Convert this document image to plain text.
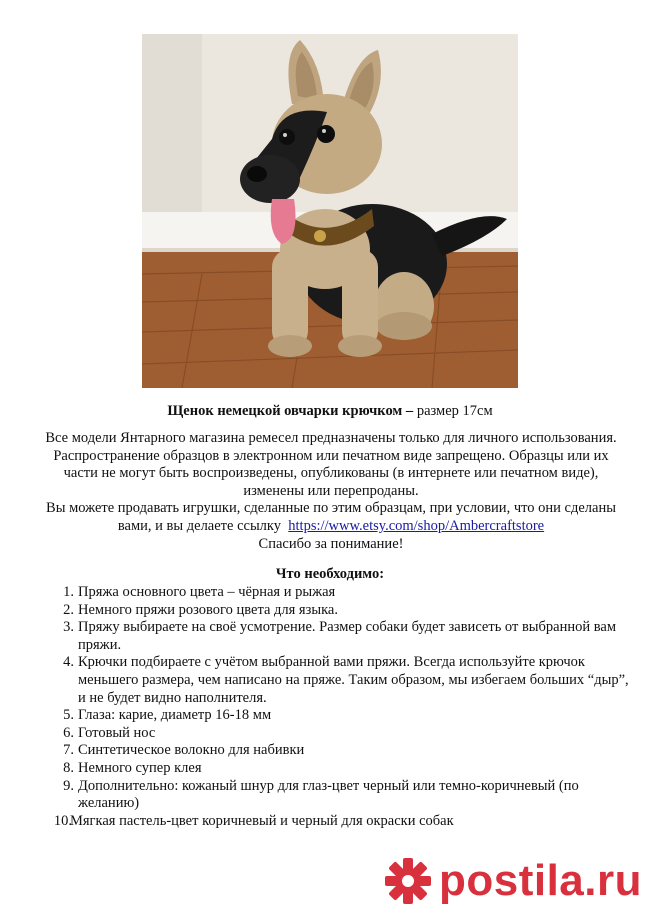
Щенок немецкой овчарки крючком – размер 17см

Все модели Янтарного магазина ремесел предназначены только для личного использования. Распространение образцов в электронном или печатном виде запрещено. Образцы или их части не могут быть воспроизведены, опубликованы (в интернете или печатном виде), изменены или перепроданы.

Вы можете продавать игрушки, сделанные по этим образцам, при условии, что они сделаны вами, и вы делаете ссылку https://www.etsy.com/shop/Ambercraftstore

Спасибо за понимание!

Что необходимо:
1. Пряжа основного цвета – чёрная и рыжая
2. Немного пряжи розового цвета для языка.
3. Пряжу выбираете на своё усмотрение. Размер собаки будет зависеть от выбранной вам пряжи.
4. Крючки подбираете с учётом выбранной вами пряжи. Всегда используйте крючок меньшего размера, чем написано на пряже. Таким образом, мы избегаем больших “дыр”, и не будет видно наполнителя.
5. Глаза: карие, диаметр 16-18 мм
6. Готовый нос
7. Синтетическое волокно для набивки
8. Немного супер клея
9. Дополнительно: кожаный шнур для глаз-цвет черный или темно-коричневый (по желанию)
10.
Мягкая пастель-цвет коричневый и черный для окраски собак
postila.ru
